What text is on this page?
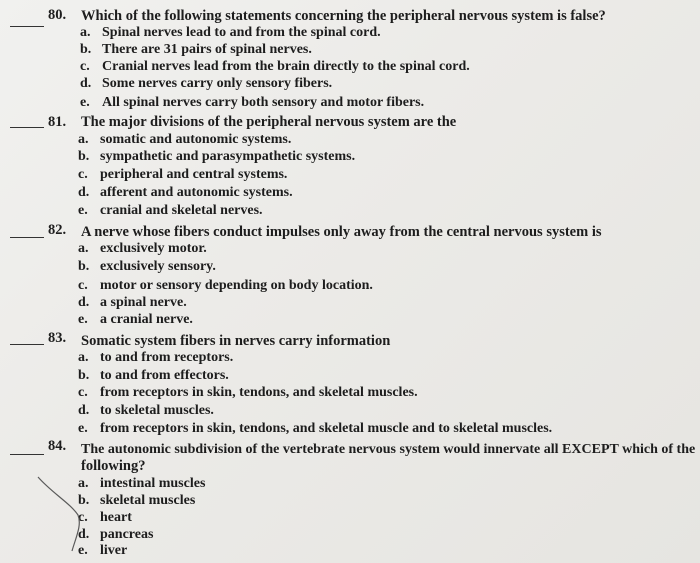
80. Which of the following statements concerning the peripheral nervous system is false?
a. Spinal nerves lead to and from the spinal cord.
b. There are 31 pairs of spinal nerves.
c. Cranial nerves lead from the brain directly to the spinal cord.
d. Some nerves carry only sensory fibers.
e. All spinal nerves carry both sensory and motor fibers.
81. The major divisions of the peripheral nervous system are the
a. somatic and autonomic systems.
b. sympathetic and parasympathetic systems.
c. peripheral and central systems.
d. afferent and autonomic systems.
e. cranial and skeletal nerves.
82. A nerve whose fibers conduct impulses only away from the central nervous system is
a. exclusively motor.
b. exclusively sensory.
c. motor or sensory depending on body location.
d. a spinal nerve.
e. a cranial nerve.
83. Somatic system fibers in nerves carry information
a. to and from receptors.
b. to and from effectors.
c. from receptors in skin, tendons, and skeletal muscles.
d. to skeletal muscles.
e. from receptors in skin, tendons, and skeletal muscle and to skeletal muscles.
84. The autonomic subdivision of the vertebrate nervous system would innervate all EXCEPT which of the
following?
a. intestinal muscles
b. skeletal muscles
c. heart
d. pancreas
e. liver
